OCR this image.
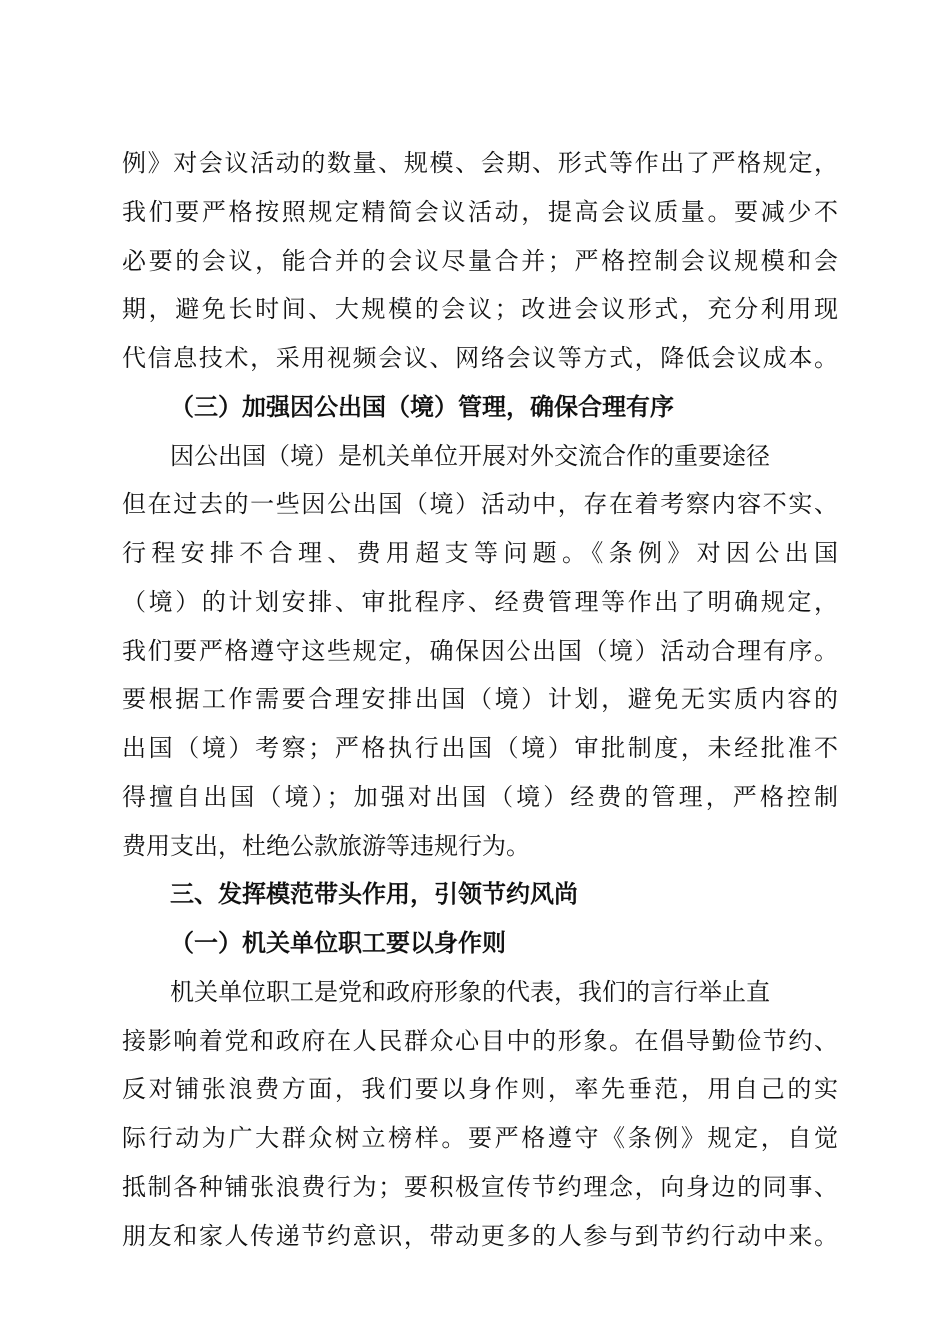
例》对会议活动的数量、规模、会期、形式等作出了严格规定，
我们要严格按照规定精简会议活动，提高会议质量。要减少不
必要的会议，能合并的会议尽量合并；严格控制会议规模和会
期，避免长时间、大规模的会议；改进会议形式，充分利用现
代信息技术，采用视频会议、网络会议等方式，降低会议成本。
（三）加强因公出国（境）管理，确保合理有序
因公出国（境）是机关单位开展对外交流合作的重要途径
但在过去的一些因公出国（境）活动中，存在着考察内容不实、
行程安排不合理、费用超支等问题。《条例》对因公出国
（境）的计划安排、审批程序、经费管理等作出了明确规定，
我们要严格遵守这些规定，确保因公出国（境）活动合理有序。
要根据工作需要合理安排出国（境）计划，避免无实质内容的
出国（境）考察；严格执行出国（境）审批制度，未经批准不
得擅自出国（境）；加强对出国（境）经费的管理，严格控制
费用支出，杜绝公款旅游等违规行为。
三、发挥模范带头作用，引领节约风尚
（一）机关单位职工要以身作则
机关单位职工是党和政府形象的代表，我们的言行举止直
接影响着党和政府在人民群众心目中的形象。在倡导勤俭节约、
反对铺张浪费方面，我们要以身作则，率先垂范，用自己的实
际行动为广大群众树立榜样。要严格遵守《条例》规定，自觉
抵制各种铺张浪费行为；要积极宣传节约理念，向身边的同事、
朋友和家人传递节约意识，带动更多的人参与到节约行动中来。
